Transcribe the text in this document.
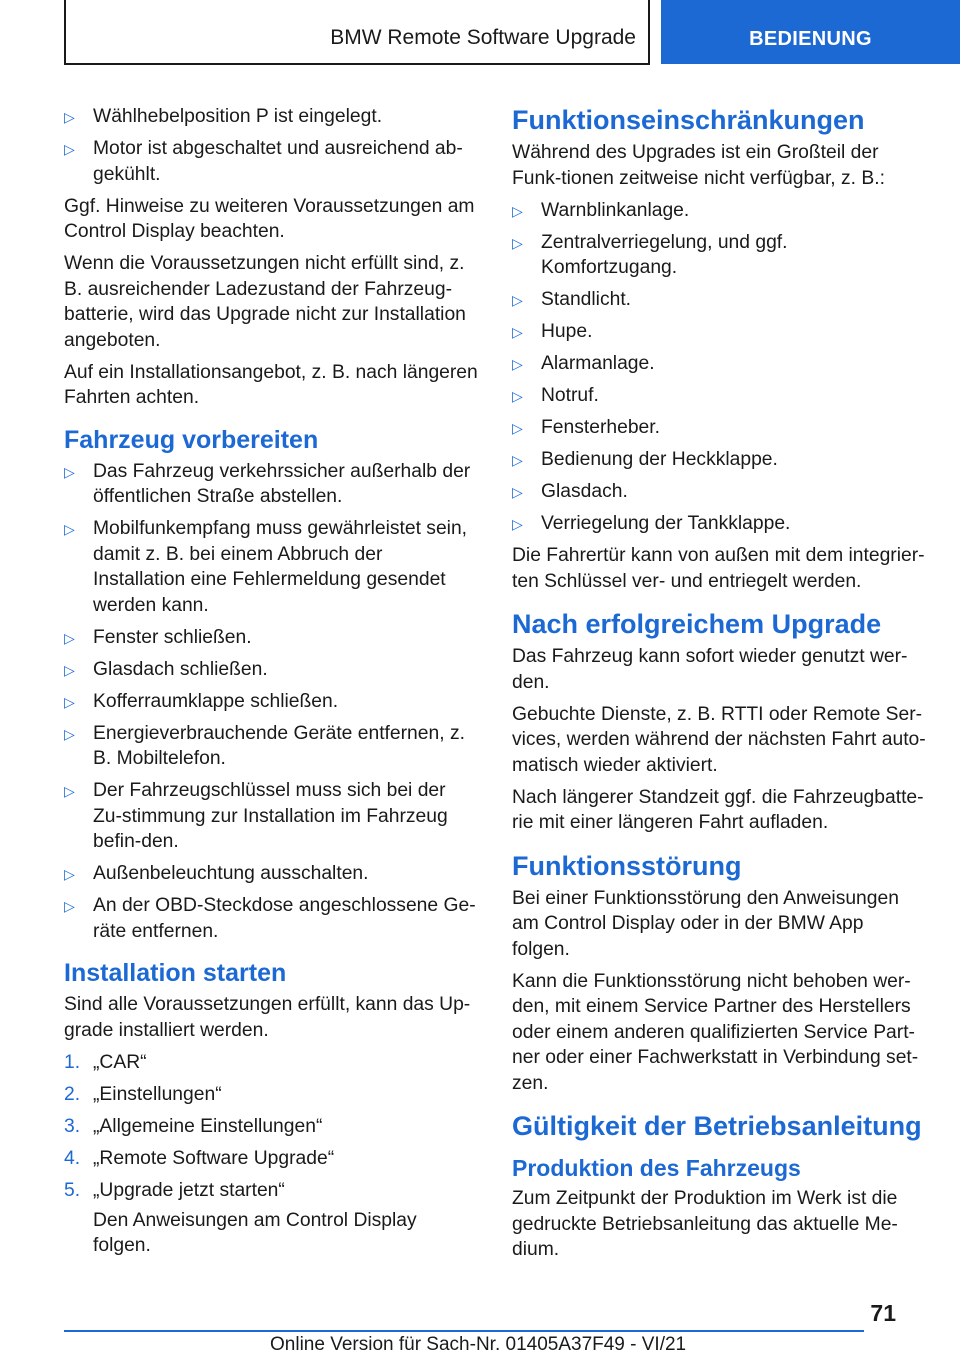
BMW Remote Software Upgrade	BEDIENUNG
▷ Wählhebelposition P ist eingelegt.
▷ Motor ist abgeschaltet und ausreichend ab‐gekühlt.

Ggf. Hinweise zu weiteren Voraussetzungen am Control Display beachten.

Wenn die Voraussetzungen nicht erfüllt sind, z. B. ausreichender Ladezustand der Fahrzeug‐batterie, wird das Upgrade nicht zur Installation angeboten.

Auf ein Installationsangebot, z. B. nach längeren Fahrten achten.

Fahrzeug vorbereiten
▷ Das Fahrzeug verkehrssicher außerhalb der öffentlichen Straße abstellen.
▷ Mobilfunkempfang muss gewährleistet sein, damit z. B. bei einem Abbruch der Installation eine Fehlermeldung gesendet werden kann.
▷ Fenster schließen.
▷ Glasdach schließen.
▷ Kofferraumklappe schließen.
▷ Energieverbrauchende Geräte entfernen, z. B. Mobiltelefon.
▷ Der Fahrzeugschlüssel muss sich bei der Zu‐stimmung zur Installation im Fahrzeug befin‐den.
▷ Außenbeleuchtung ausschalten.
▷ An der OBD-Steckdose angeschlossene Ge‐räte entfernen.
Installation starten

Sind alle Voraussetzungen erfüllt, kann das Up‐grade installiert werden.

1. „CAR“
2. „Einstellungen“
3. „Allgemeine Einstellungen“
4. „Remote Software Upgrade“
5. „Upgrade jetzt starten“

Den Anweisungen am Control Display folgen.

Funktionseinschränkungen

Während des Upgrades ist ein Großteil der Funk‐tionen zeitweise nicht verfügbar, z. B.:

▷ Warnblinkanlage.
▷ Zentralverriegelung, und ggf. Komfortzugang.
▷ Standlicht.
▷ Hupe.
▷ Alarmanlage.
▷ Notruf.
▷ Fensterheber.
▷ Bedienung der Heckklappe.
▷ Glasdach.
▷ Verriegelung der Tankklappe.

Die Fahrertür kann von außen mit dem integrier‐ten Schlüssel ver- und entriegelt werden.

Nach erfolgreichem Upgrade

Das Fahrzeug kann sofort wieder genutzt wer‐den.

Gebuchte Dienste, z. B. RTTI oder Remote Ser‐vices, werden während der nächsten Fahrt auto‐matisch wieder aktiviert.

Nach längerer Standzeit ggf. die Fahrzeugbatte‐rie mit einer längeren Fahrt aufladen.

Funktionsstörung

Bei einer Funktionsstörung den Anweisungen am Control Display oder in der BMW App folgen.

Kann die Funktionsstörung nicht behoben wer‐den, mit einem Service Partner des Herstellers oder einem anderen qualifizierten Service Part‐ner oder einer Fachwerkstatt in Verbindung set‐zen.

Gültigkeit der Betriebsanleitung
Produktion des Fahrzeugs

Zum Zeitpunkt der Produktion im Werk ist die gedruckte Betriebsanleitung das aktuelle Me‐dium.

71
Online Version für Sach-Nr. 01405A37F49 - VI/21
